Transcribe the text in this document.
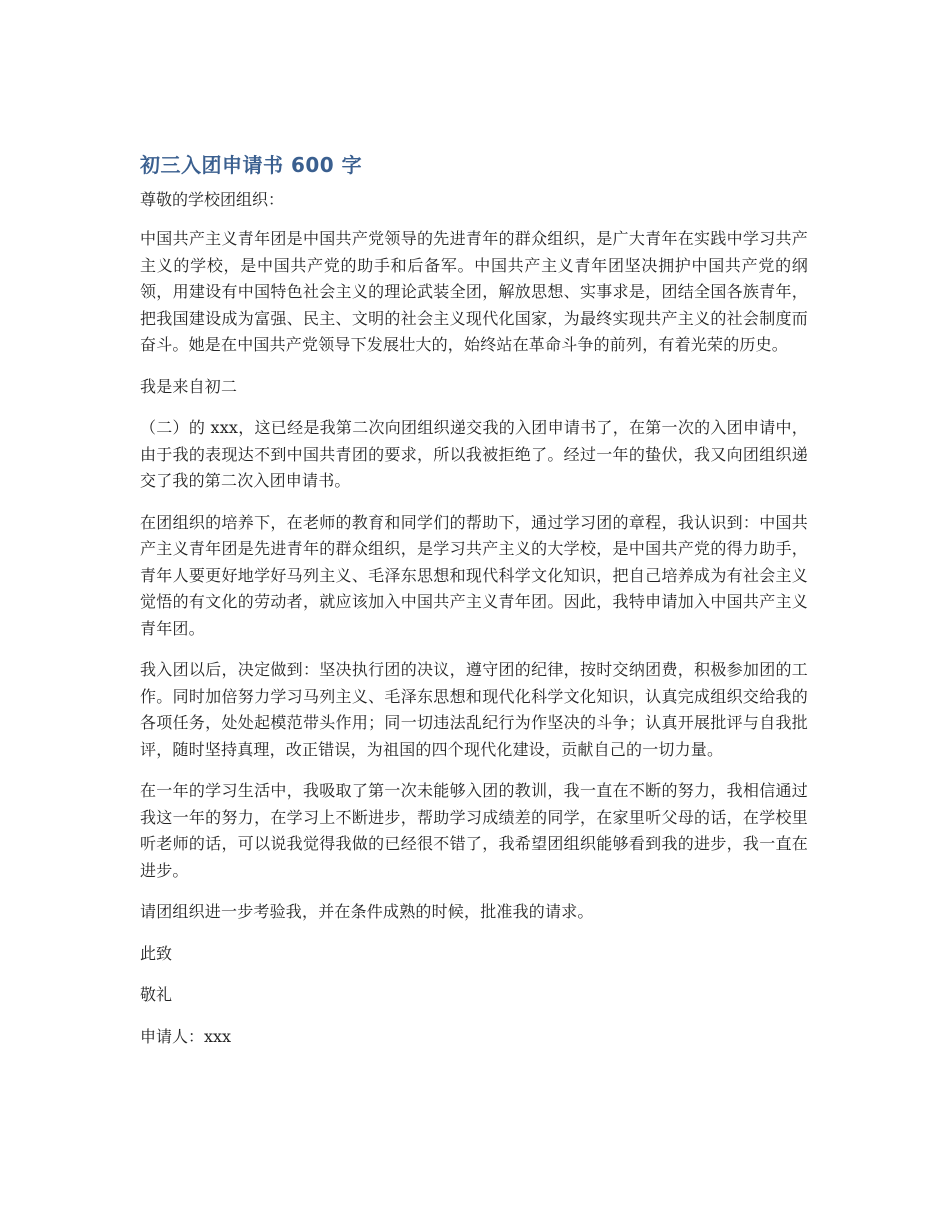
初三入团申请书 600 字

尊敬的学校团组织：

中国共产主义青年团是中国共产党领导的先进青年的群众组织，是广大青年在实践中学习共产主义的学校，是中国共产党的助手和后备军。中国共产主义青年团坚决拥护中国共产党的纲领，用建设有中国特色社会主义的理论武装全团，解放思想、实事求是，团结全国各族青年，把我国建设成为富强、民主、文明的社会主义现代化国家，为最终实现共产主义的社会制度而奋斗。她是在中国共产党领导下发展壮大的，始终站在革命斗争的前列，有着光荣的历史。

我是来自初二

（二）的 xxx，这已经是我第二次向团组织递交我的入团申请书了，在第一次的入团申请中，由于我的表现达不到中国共青团的要求，所以我被拒绝了。经过一年的蛰伏，我又向团组织递交了我的第二次入团申请书。

在团组织的培养下，在老师的教育和同学们的帮助下，通过学习团的章程，我认识到：中国共产主义青年团是先进青年的群众组织，是学习共产主义的大学校，是中国共产党的得力助手，青年人要更好地学好马列主义、毛泽东思想和现代科学文化知识，把自己培养成为有社会主义觉悟的有文化的劳动者，就应该加入中国共产主义青年团。因此，我特申请加入中国共产主义青年团。

我入团以后，决定做到：坚决执行团的决议，遵守团的纪律，按时交纳团费，积极参加团的工作。同时加倍努力学习马列主义、毛泽东思想和现代化科学文化知识，认真完成组织交给我的各项任务，处处起模范带头作用；同一切违法乱纪行为作坚决的斗争；认真开展批评与自我批评，随时坚持真理，改正错误，为祖国的四个现代化建设，贡献自己的一切力量。

在一年的学习生活中，我吸取了第一次未能够入团的教训，我一直在不断的努力，我相信通过我这一年的努力，在学习上不断进步，帮助学习成绩差的同学，在家里听父母的话，在学校里听老师的话，可以说我觉得我做的已经很不错了，我希望团组织能够看到我的进步，我一直在进步。

请团组织进一步考验我，并在条件成熟的时候，批准我的请求。

此致

敬礼

申请人：xxx
